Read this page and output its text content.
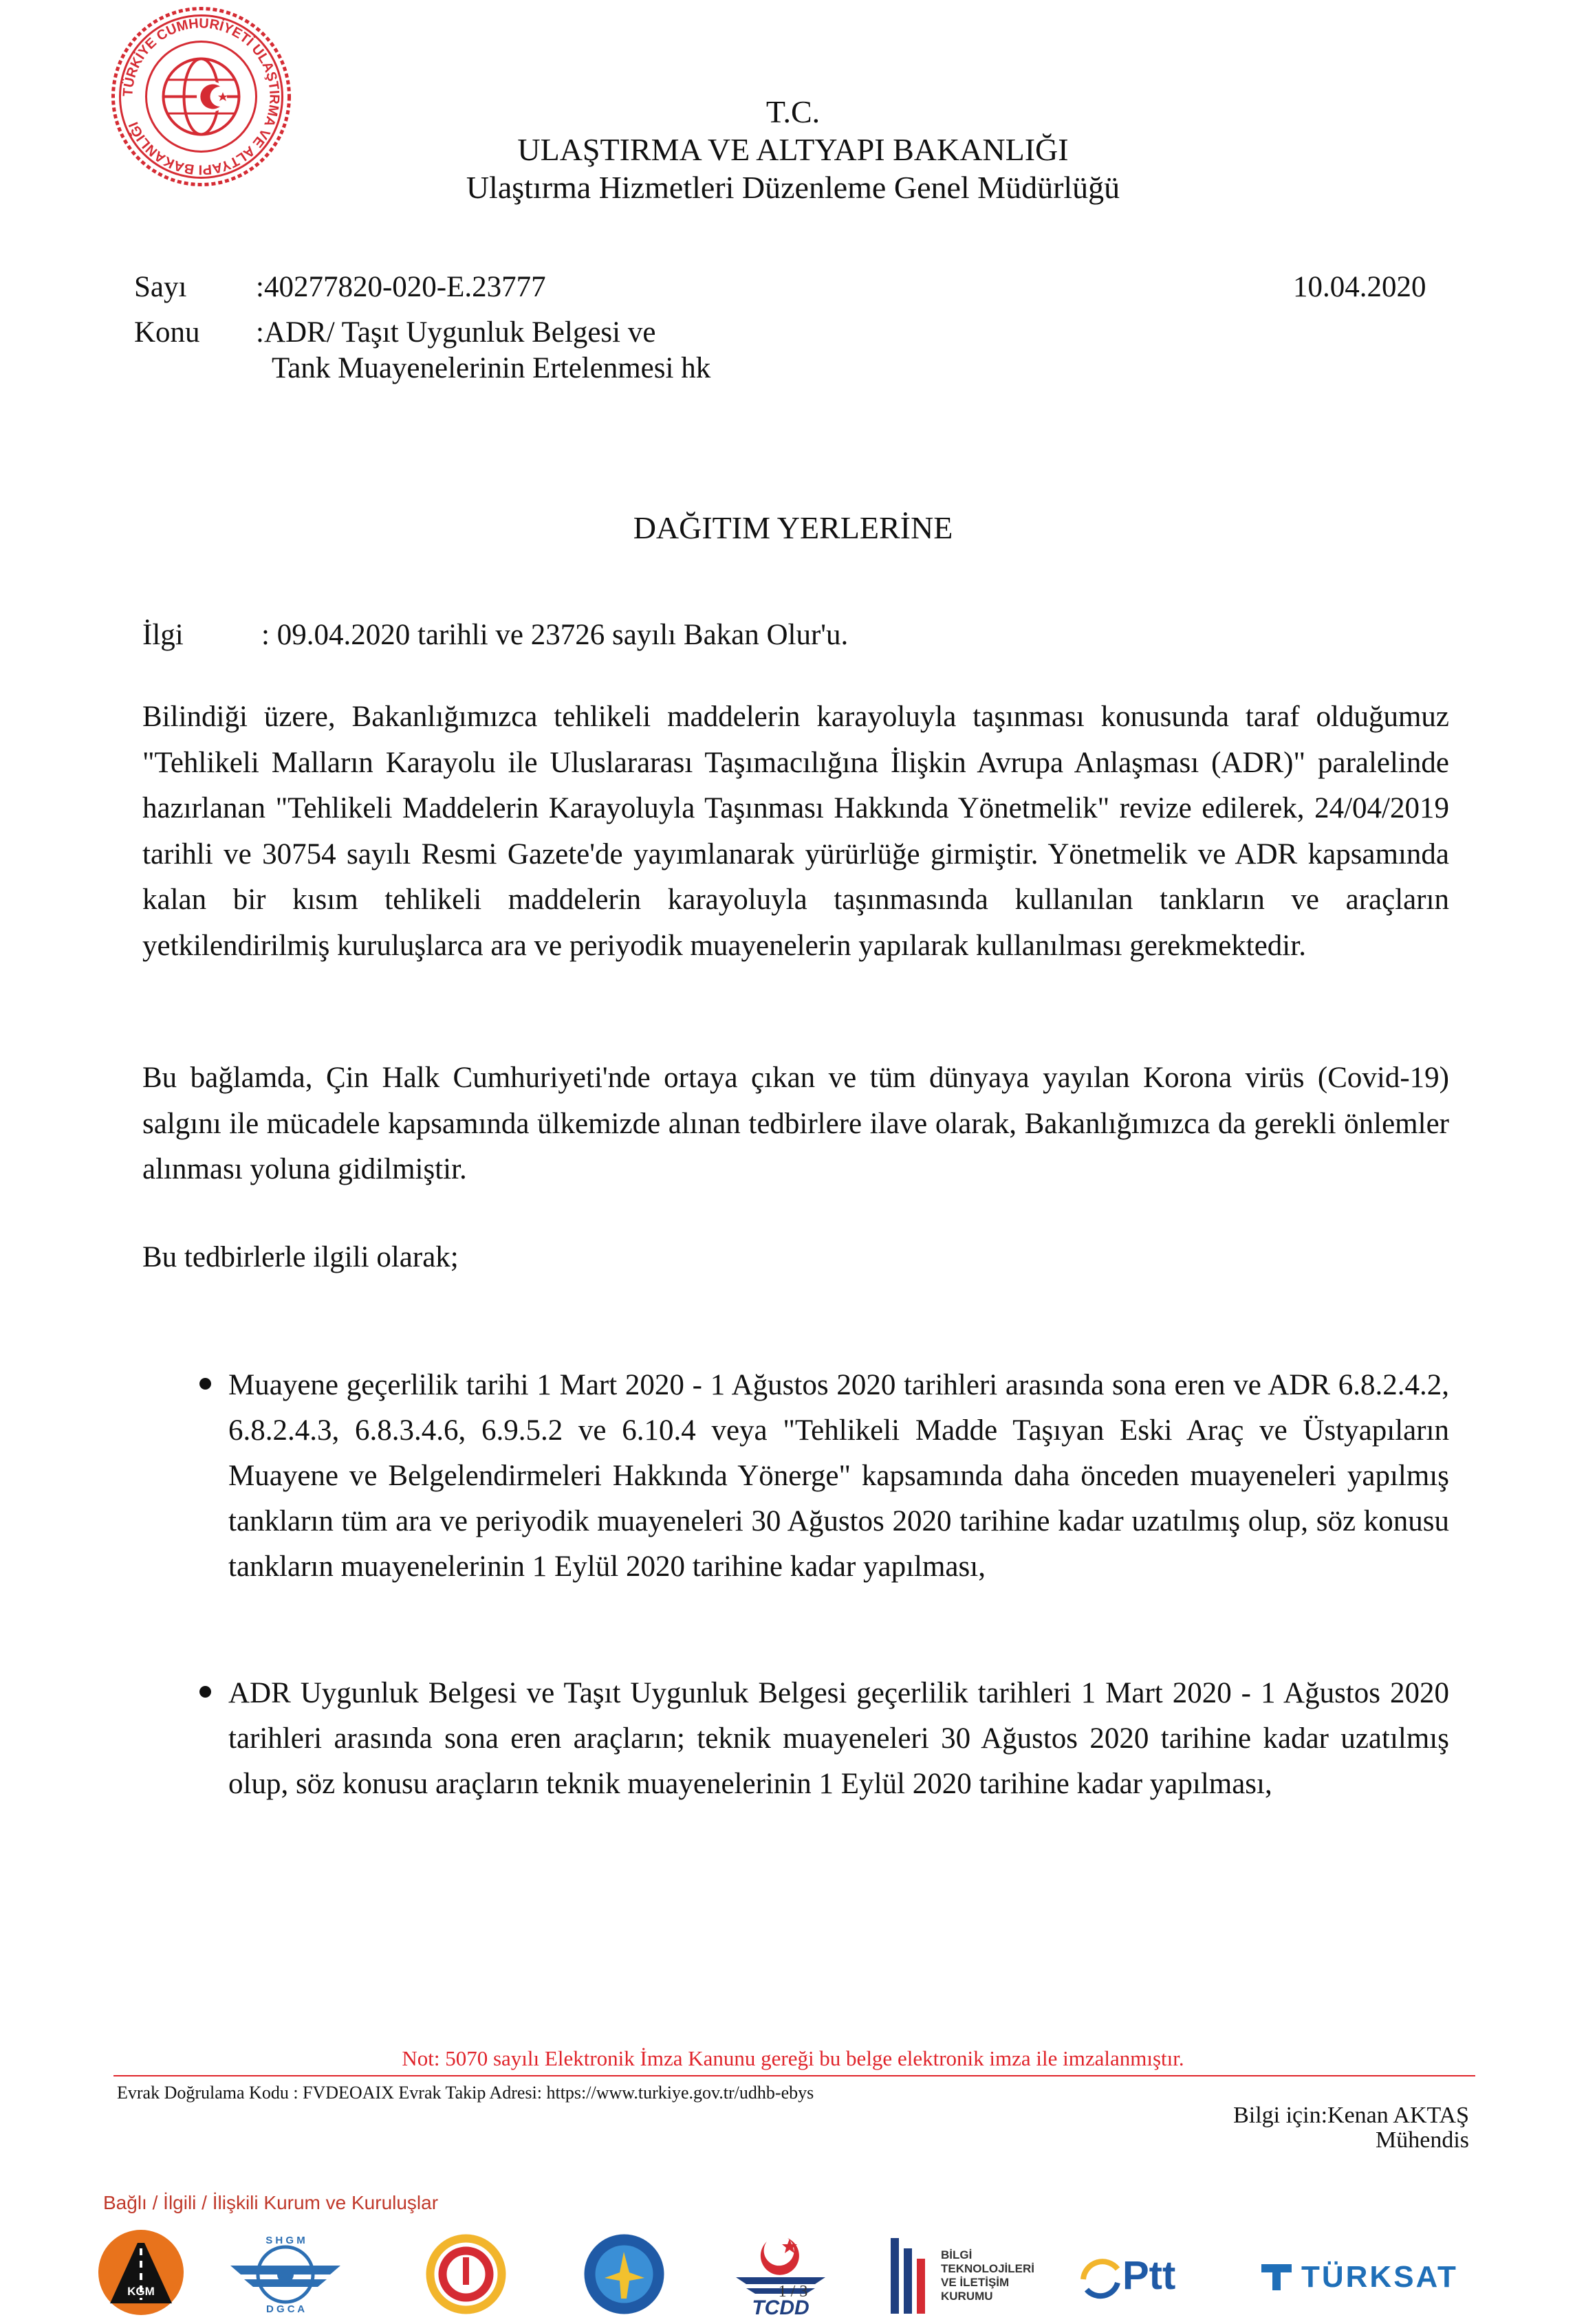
TÜRKİYE CUMHURİYETİ ULAŞTIRMA VE ALTYAPI BAKANLIĞI	T.C.
ULAŞTIRMA VE ALTYAPI BAKANLIĞI
Ulaştırma Hizmetleri Düzenleme Genel Müdürlüğü
Sayı :40277820-020-E.23777	10.04.2020
Konu :ADR/ Taşıt Uygunluk Belgesi ve
Tank Muayenelerinin Ertelenmesi hk
DAĞITIM YERLERİNE
İlgi	: 09.04.2020 tarihli ve 23726 sayılı Bakan Olur'u.
Bilindiği üzere, Bakanlığımızca tehlikeli maddelerin karayoluyla taşınması konusunda taraf olduğumuz "Tehlikeli Malların Karayolu ile Uluslararası Taşımacılığına İlişkin Avrupa Anlaşması (ADR)" paralelinde hazırlanan "Tehlikeli Maddelerin Karayoluyla Taşınması Hakkında Yönetmelik" revize edilerek, 24/04/2019 tarihli ve 30754 sayılı Resmi Gazete'de yayımlanarak yürürlüğe girmiştir. Yönetmelik ve ADR kapsamında kalan bir kısım tehlikeli maddelerin karayoluyla taşınmasında kullanılan tankların ve araçların yetkilendirilmiş kuruluşlarca ara ve periyodik muayenelerin yapılarak kullanılması gerekmektedir.
Bu bağlamda, Çin Halk Cumhuriyeti'nde ortaya çıkan ve tüm dünyaya yayılan Korona virüs (Covid-19) salgını ile mücadele kapsamında ülkemizde alınan tedbirlere ilave olarak, Bakanlığımızca da gerekli önlemler alınması yoluna gidilmiştir.
Bu tedbirlerle ilgili olarak;
Muayene geçerlilik tarihi 1 Mart 2020 - 1 Ağustos 2020 tarihleri arasında sona eren ve ADR 6.8.2.4.2, 6.8.2.4.3, 6.8.3.4.6, 6.9.5.2 ve 6.10.4 veya "Tehlikeli Madde Taşıyan Eski Araç ve Üstyapıların Muayene ve Belgelendirmeleri Hakkında Yönerge" kapsamında daha önceden muayeneleri yapılmış tankların tüm ara ve periyodik muayeneleri 30 Ağustos 2020 tarihine kadar uzatılmış olup, söz konusu tankların muayenelerinin 1 Eylül 2020 tarihine kadar yapılması,
ADR Uygunluk Belgesi ve Taşıt Uygunluk Belgesi geçerlilik tarihleri 1 Mart 2020 - 1 Ağustos 2020 tarihleri arasında sona eren araçların; teknik muayeneleri 30 Ağustos 2020 tarihine kadar uzatılmış olup, söz konusu araçların teknik muayenelerinin 1 Eylül 2020 tarihine kadar yapılması,
Not: 5070 sayılı Elektronik İmza Kanunu gereği bu belge elektronik imza ile imzalanmıştır.
Evrak Doğrulama Kodu : FVDEOAIX Evrak Takip Adresi: https://www.turkiye.gov.tr/udhb-ebys
Bilgi için:Kenan AKTAŞ
Mühendis
Bağlı / İlgili / İlişkili Kurum ve Kuruluşlar
KGM
S H G M
D G C A	TCDD
BİLGİ
TEKNOLOJİLERİ
VE İLETİŞİM
KURUMU	Ptt	TÜRKSAT
1 / 3
